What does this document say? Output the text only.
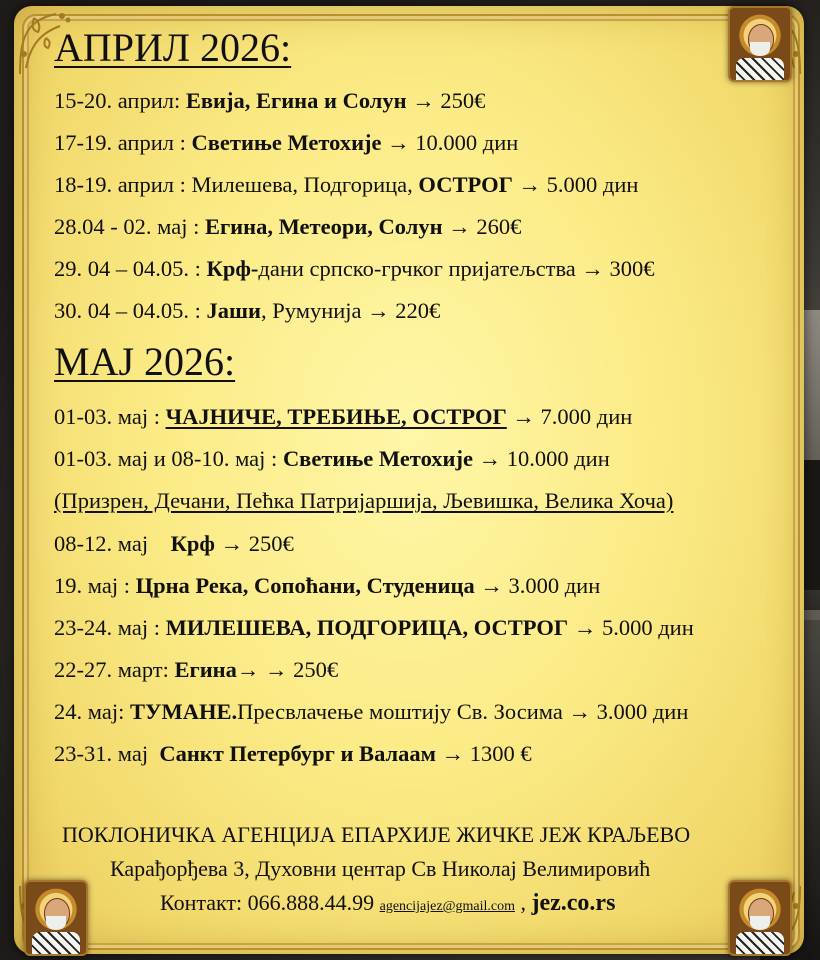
АПРИЛ 2026:
15-20. април: Евија, Егина и Солун → 250€
17-19. април : Светиње Метохије → 10.000 дин
18-19. април : Милешева, Подгорица, ОСТРОГ → 5.000 дин
28.04 - 02. мај : Егина, Метеори, Солун → 260€
29. 04 – 04.05. : Крф-дани српско-грчког пријатељства → 300€
30. 04 – 04.05. : Јаши, Румунија → 220€
МАЈ 2026:
01-03. мај : ЧАЈНИЧЕ, ТРЕБИЊЕ, ОСТРОГ → 7.000 дин
01-03. мај и 08-10. мај : Светиње Метохије → 10.000 дин
(Призрен, Дечани, Пећка Патријаршија, Љевишка, Велика Хоча)
08-12. мај    Крф → 250€
19. мај : Црна Река, Сопоћани, Студеница → 3.000 дин
23-24. мај : МИЛЕШЕВА, ПОДГОРИЦА, ОСТРОГ → 5.000 дин
22-27. март: Егина→ → 250€
24. мај: ТУМАНЕ.Пресвлачење моштију Св. Зосима → 3.000 дин
23-31. мај  Санкт Петербург и Валаам → 1300 €
ПОКЛОНИЧКА АГЕНЦИЈА ЕПАРХИЈЕ ЖИЧКЕ ЈЕЖ КРАЉЕВО
Карађорђева 3, Духовни центар Св Николај Велимировић
Контакт: 066.888.44.99 agencijajez@gmail.com , jez.co.rs
